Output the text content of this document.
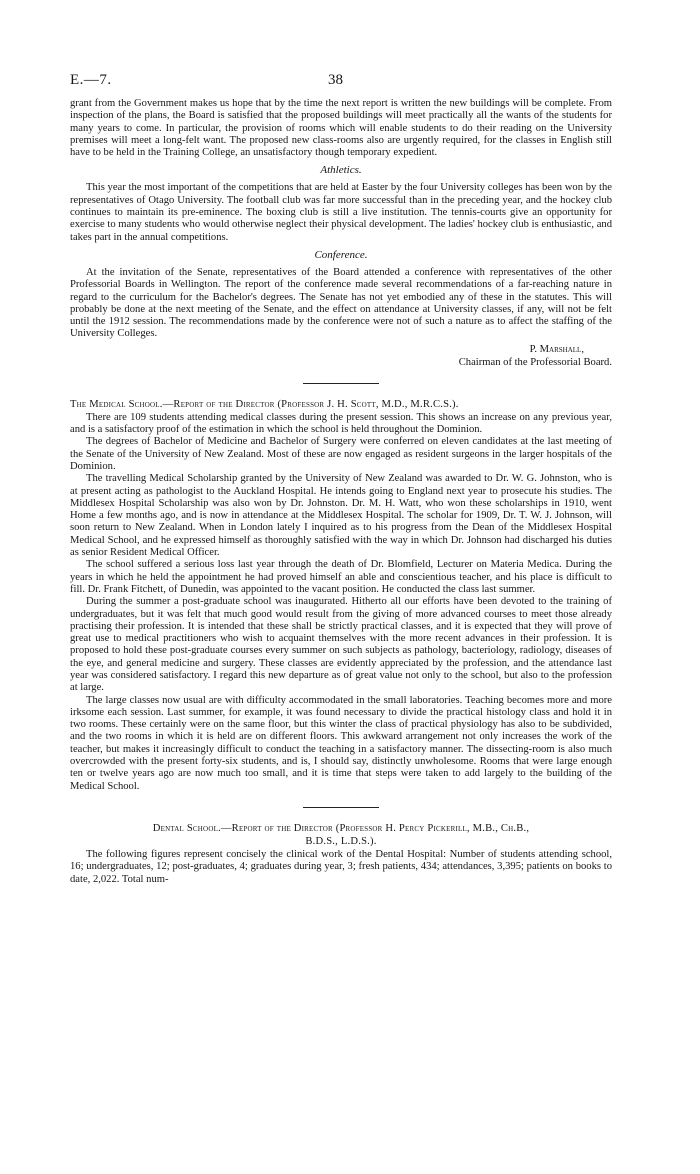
E.—7.	38

grant from the Government makes us hope that by the time the next report is written the new buildings will be complete. From inspection of the plans, the Board is satisfied that the proposed buildings will meet practically all the wants of the students for many years to come. In particular, the provision of rooms which will enable students to do their reading on the University premises will meet a long-felt want. The proposed new class-rooms also are urgently required, for the classes in English still have to be held in the Training College, an unsatisfactory though temporary expedient.

Athletics.

This year the most important of the competitions that are held at Easter by the four University colleges has been won by the representatives of Otago University. The football club was far more successful than in the preceding year, and the hockey club continues to maintain its pre-eminence. The boxing club is still a live institution. The tennis-courts give an opportunity for exercise to many students who would otherwise neglect their physical development. The ladies' hockey club is enthusiastic, and takes part in the annual competitions.

Conference.

At the invitation of the Senate, representatives of the Board attended a conference with representatives of the other Professorial Boards in Wellington. The report of the conference made several recommendations of a far-reaching nature in regard to the curriculum for the Bachelor's degrees. The Senate has not yet embodied any of these in the statutes. This will probably be done at the next meeting of the Senate, and the effect on attendance at University classes, if any, will not be felt until the 1912 session. The recommendations made by the conference were not of such a nature as to affect the staffing of the University Colleges.

P. Marshall,
Chairman of the Professorial Board.
The Medical School.—Report of the Director (Professor J. H. Scott, M.D., M.R.C.S.).

There are 109 students attending medical classes during the present session. This shows an increase on any previous year, and is a satisfactory proof of the estimation in which the school is held throughout the Dominion.

The degrees of Bachelor of Medicine and Bachelor of Surgery were conferred on eleven candidates at the last meeting of the Senate of the University of New Zealand. Most of these are now engaged as resident surgeons in the larger hospitals of the Dominion.

The travelling Medical Scholarship granted by the University of New Zealand was awarded to Dr. W. G. Johnston, who is at present acting as pathologist to the Auckland Hospital. He intends going to England next year to prosecute his studies. The Middlesex Hospital Scholarship was also won by Dr. Johnston. Dr. M. H. Watt, who won these scholarships in 1910, went Home a few months ago, and is now in attendance at the Middlesex Hospital. The scholar for 1909, Dr. T. W. J. Johnson, will soon return to New Zealand. When in London lately I inquired as to his progress from the Dean of the Middlesex Hospital Medical School, and he expressed himself as thoroughly satisfied with the way in which Dr. Johnson had discharged his duties as senior Resident Medical Officer.

The school suffered a serious loss last year through the death of Dr. Blomfield, Lecturer on Materia Medica. During the years in which he held the appointment he had proved himself an able and conscientious teacher, and his place is difficult to fill. Dr. Frank Fitchett, of Dunedin, was appointed to the vacant position. He conducted the class last summer.

During the summer a post-graduate school was inaugurated. Hitherto all our efforts have been devoted to the training of undergraduates, but it was felt that much good would result from the giving of more advanced courses to meet those already practising their profession. It is intended that these shall be strictly practical classes, and it is expected that they will prove of great use to medical practitioners who wish to acquaint themselves with the more recent advances in their profession. It is proposed to hold these post-graduate courses every summer on such subjects as pathology, bacteriology, radiology, diseases of the eye, and general medicine and surgery. These classes are evidently appreciated by the profession, and the attendance last year was considered satisfactory. I regard this new departure as of great value not only to the school, but also to the profession at large.

The large classes now usual are with difficulty accommodated in the small laboratories. Teaching becomes more and more irksome each session. Last summer, for example, it was found necessary to divide the practical histology class and hold it in two rooms. These certainly were on the same floor, but this winter the class of practical physiology has also to be subdivided, and the two rooms in which it is held are on different floors. This awkward arrangement not only increases the work of the teacher, but makes it increasingly difficult to conduct the teaching in a satisfactory manner. The dissecting-room is also much overcrowded with the present forty-six students, and is, I should say, distinctly unwholesome. Rooms that were large enough ten or twelve years ago are now much too small, and it is time that steps were taken to add largely to the building of the Medical School.

Dental School.—Report of the Director (Professor H. Percy Pickerill, M.B., Ch.B.,
B.D.S., L.D.S.).

The following figures represent concisely the clinical work of the Dental Hospital: Number of students attending school, 16; undergraduates, 12; post-graduates, 4; graduates during year, 3; fresh patients, 434; attendances, 3,395; patients on books to date, 2,022. Total num-
